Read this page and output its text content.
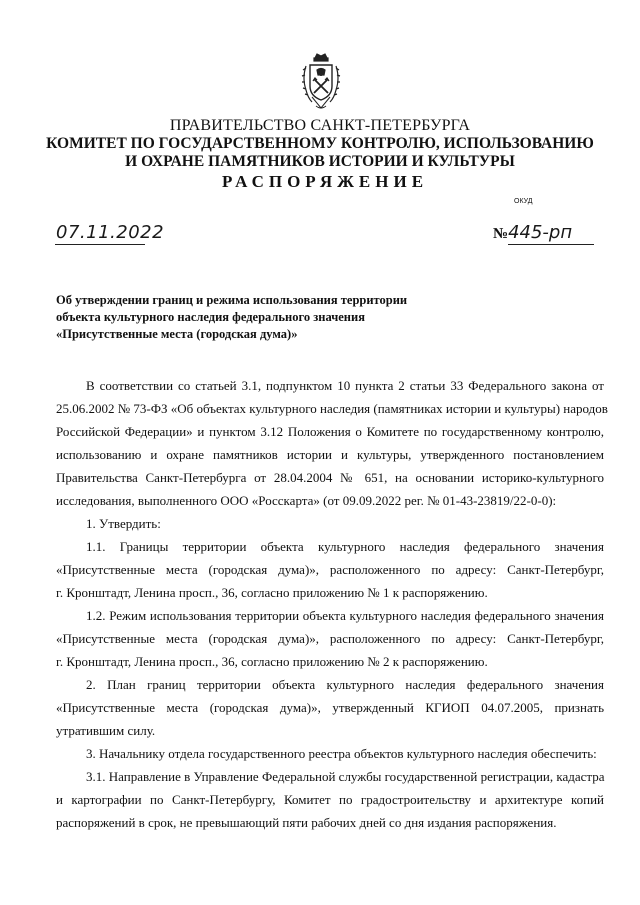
ПРАВИТЕЛЬСТВО САНКТ-ПЕТЕРБУРГА
КОМИТЕТ ПО ГОСУДАРСТВЕННОМУ КОНТРОЛЮ, ИСПОЛЬЗОВАНИЮ
И ОХРАНЕ ПАМЯТНИКОВ ИСТОРИИ И КУЛЬТУРЫ
РАСПОРЯЖЕНИЕ
ОКУД
07.11.2022	№445-рп
Об утверждении границ и режима использования территории
объекта культурного наследия федерального значения
«Присутственные места (городская дума)»
В соответствии со статьей 3.1, подпунктом 10 пункта 2 статьи 33 Федерального закона от
25.06.2002 № 73-ФЗ «Об объектах культурного наследия (памятниках истории и культуры) народов
Российской Федерации» и пунктом 3.12 Положения о Комитете по государственному контролю,
использованию и охране памятников истории и культуры, утвержденного постановлением
Правительства Санкт-Петербурга от 28.04.2004 № 651, на основании историко-культурного
исследования, выполненного ООО «Росскарта» (от 09.09.2022 рег. № 01-43-23819/22-0-0):
1. Утвердить:
1.1. Границы территории объекта культурного наследия федерального значения
«Присутственные места (городская дума)», расположенного по адресу: Санкт-Петербург,
г. Кронштадт, Ленина просп., 36, согласно приложению № 1 к распоряжению.
1.2. Режим использования территории объекта культурного наследия федерального значения
«Присутственные места (городская дума)», расположенного по адресу: Санкт-Петербург,
г. Кронштадт, Ленина просп., 36, согласно приложению № 2 к распоряжению.
2. План границ территории объекта культурного наследия федерального значения
«Присутственные места (городская дума)», утвержденный КГИОП 04.07.2005, признать
утратившим силу.
3. Начальнику отдела государственного реестра объектов культурного наследия обеспечить:
3.1. Направление в Управление Федеральной службы государственной регистрации, кадастра
и картографии по Санкт-Петербургу, Комитет по градостроительству и архитектуре копий
распоряжений в срок, не превышающий пяти рабочих дней со дня издания распоряжения.
